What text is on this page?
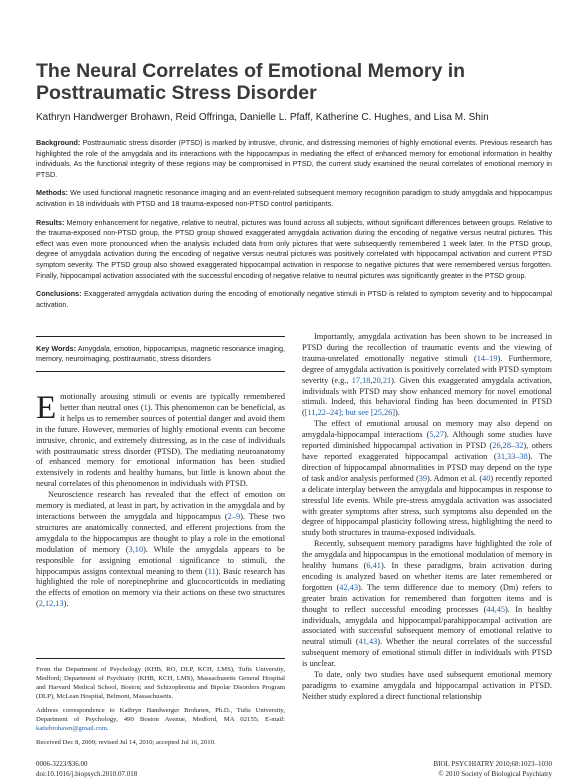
The Neural Correlates of Emotional Memory in Posttraumatic Stress Disorder
Kathryn Handwerger Brohawn, Reid Offringa, Danielle L. Pfaff, Katherine C. Hughes, and Lisa M. Shin

Background: Posttraumatic stress disorder (PTSD) is marked by intrusive, chronic, and distressing memories of highly emotional events. Previous research has highlighted the role of the amygdala and its interactions with the hippocampus in mediating the effect of enhanced memory for emotional information in healthy individuals. As the functional integrity of these regions may be compromised in PTSD, the current study examined the neural correlates of emotional memory in PTSD.

Methods: We used functional magnetic resonance imaging and an event-related subsequent memory recognition paradigm to study amygdala and hippocampus activation in 18 individuals with PTSD and 18 trauma-exposed non-PTSD control participants.

Results: Memory enhancement for negative, relative to neutral, pictures was found across all subjects, without significant differences between groups. Relative to the trauma-exposed non-PTSD group, the PTSD group showed exaggerated amygdala activation during the encoding of negative versus neutral pictures. This effect was even more pronounced when the analysis included data from only pictures that were subsequently remembered 1 week later. In the PTSD group, degree of amygdala activation during the encoding of negative versus neutral pictures was positively correlated with hippocampal activation and current PTSD symptom severity. The PTSD group also showed exaggerated hippocampal activation in response to negative pictures that were remembered versus forgotten. Finally, hippocampal activation associated with the successful encoding of negative relative to neutral pictures was significantly greater in the PTSD group.

Conclusions: Exaggerated amygdala activation during the encoding of emotionally negative stimuli in PTSD is related to symptom severity and to hippocampal activation.

Key Words: Amygdala, emotion, hippocampus, magnetic resonance imaging, memory, neuroimaging, posttraumatic, stress disorders

Emotionally arousing stimuli or events are typically remembered better than neutral ones (1). This phenomenon can be beneficial, as it helps us to remember sources of potential danger and avoid them in the future. However, memories of highly emotional events can become intrusive, chronic, and extremely distressing, as in the case of individuals with posttraumatic stress disorder (PTSD). The mediating neuroanatomy of enhanced memory for emotional information has been studied extensively in rodents and healthy humans, but little is known about the neural correlates of this phenomenon in individuals with PTSD.

Neuroscience research has revealed that the effect of emotion on memory is mediated, at least in part, by activation in the amygdala and by interactions between the amygdala and hippocampus (2–9). These two structures are anatomically connected, and efferent projections from the amygdala to the hippocampus are thought to play a role in the emotional modulation of memory (3,10). While the amygdala appears to be responsible for assigning emotional significance to stimuli, the hippocampus assigns contextual meaning to them (11). Basic research has highlighted the role of norepinephrine and glucocorticoids in mediating the effects of emotion on memory via their actions on these two structures (2,12,13).

Importantly, amygdala activation has been shown to be increased in PTSD during the recollection of traumatic events and the viewing of trauma-unrelated emotionally negative stimuli (14–19). Furthermore, degree of amygdala activation is positively correlated with PTSD symptom severity (e.g., 17,18,20,21). Given this exaggerated amygdala activation, individuals with PTSD may show enhanced memory for novel emotional stimuli. Indeed, this behavioral finding has been documented in PTSD ([11,22–24]; but see [25,26]).

The effect of emotional arousal on memory may also depend on amygdala-hippocampal interactions (5,27). Although some studies have reported diminished hippocampal activation in PTSD (26,28–32), others have reported exaggerated hippocampal activation (31,33–38). The direction of hippocampal abnormalities in PTSD may depend on the type of task and/or analysis performed (39). Admon et al. (40) recently reported a delicate interplay between the amygdala and hippocampus in response to stressful life events. While pre-stress amygdala activation was associated with greater symptoms after stress, such symptoms also depended on the degree of hippocampal plasticity following stress, highlighting the need to study both structures in trauma-exposed individuals.

Recently, subsequent memory paradigms have highlighted the role of the amygdala and hippocampus in the emotional modulation of memory in healthy humans (6,41). In these paradigms, brain activation during encoding is analyzed based on whether items are later remembered or forgotten (42,43). The term difference due to memory (Dm) refers to greater brain activation for remembered than forgotten items and is thought to reflect successful encoding processes (44,45). In healthy individuals, amygdala and hippocampal/parahippocampal activation are associated with successful subsequent memory of emotional relative to neutral stimuli (41,43). Whether the neural correlates of the successful subsequent memory of emotional stimuli differ in individuals with PTSD is unclear.

To date, only two studies have used subsequent emotional memory paradigms to examine amygdala and hippocampal activation in PTSD. Neither study explored a direct functional relationship

From the Department of Psychology (KHB, RO, DLP, KCH, LMS), Tufts University, Medford; Department of Psychiatry (KHB, KCH, LMS), Massachusetts General Hospital and Harvard Medical School, Boston; and Schizophrenia and Bipolar Disorders Program (DLP), McLean Hospital, Belmont, Massachusetts.

Address correspondence to Kathryn Handwerger Brohawn, Ph.D., Tufts University, Department of Psychology, 490 Boston Avenue, Medford, MA 02155; E-mail: katiebrohawn@gmail.com.

Received Dec 8, 2009; revised Jul 14, 2010; accepted Jul 16, 2010.

0006-3223/$36.00
doi:10.1016/j.biopsych.2010.07.018
BIOL PSYCHIATRY 2010;68:1023–1030
© 2010 Society of Biological Psychiatry
